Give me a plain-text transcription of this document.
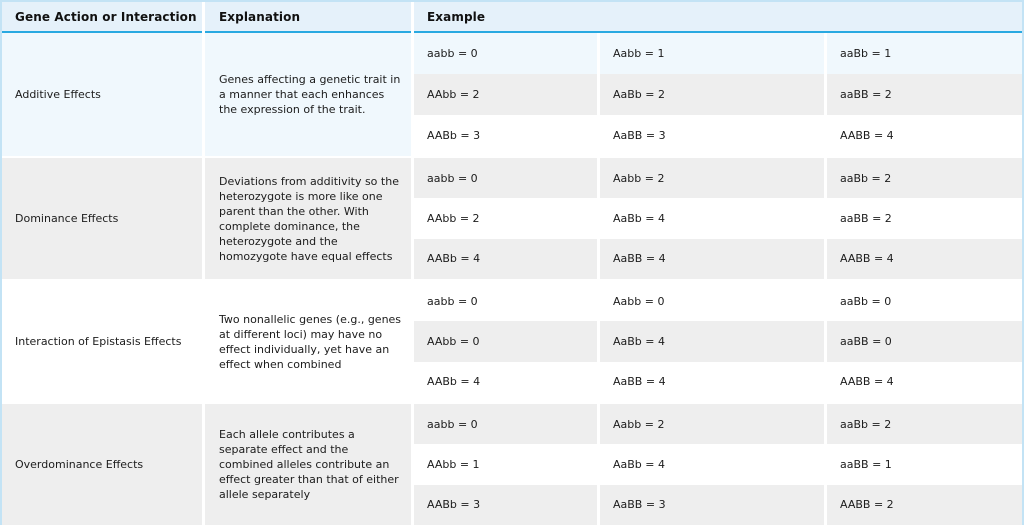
Gene Action or Interaction	Explanation	Example
Additive Effects
Genes affecting a genetic trait in a manner that each enhances the expression of the trait.
aabb = 0	Aabb = 1	aaBb = 1
AAbb = 2	AaBb = 2	aaBB = 2
AABb = 3	AaBB = 3	AABB = 4
Dominance Effects
Deviations from additivity so the heterozygote is more like one parent than the other. With complete dominance, the heterozygote and the homozygote have equal effects
aabb = 0	Aabb = 2	aaBb = 2
AAbb = 2	AaBb = 4	aaBB = 2
AABb = 4	AaBB = 4	AABB = 4
Interaction of Epistasis Effects
Two nonallelic genes (e.g., genes at different loci) may have no effect individually, yet have an effect when combined
aabb = 0	Aabb = 0	aaBb = 0
AAbb = 0	AaBb = 4	aaBB = 0
AABb = 4	AaBB = 4	AABB = 4
Overdominance Effects
Each allele contributes a separate effect and the combined alleles contribute an effect greater than that of either allele separately
aabb = 0	Aabb = 2	aaBb = 2
AAbb = 1	AaBb = 4	aaBB = 1
AABb = 3	AaBB = 3	AABB = 2
